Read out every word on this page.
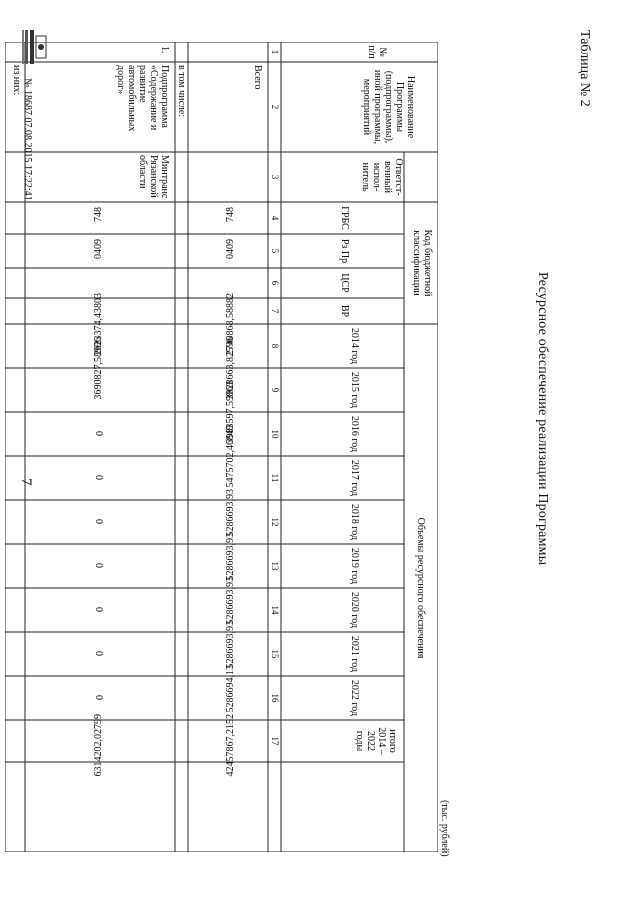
Таблица № 2
Ресурсное обеспечение реализации Программы
7
(тыс. рублей)
№ п/п
Наименование Программы (подпрограммы), иной программы, мероприятий
Ответст-венный испол-нитель
Код бюджетной классификации
ГРБС
Рз Пр
ЦСР
ВР
Объемы ресурсного обеспечения
2014 год
2015 год
2016 год
2017 год
2018 год
2019 год
2020 год
2021 год
2022 год
итого 2014 – 2022 годы
1
2
3
4
5
6
7
8
9
10
11
12
13
14
15
16
17
Всего
748
0409
2740868,58882
3828663,82596
3983597,59963
5475702,46849
5286693,93
5286693,93
5286693,93
5286693,93
5286694,13
42457867,2152
в том числе:
1.
Подпрограмма «Содержание и развитие автомобильных дорог»
Минтранс Рязанской области
748
0409
2623374,43803
3690827,58996
0
0
0
0
0
0
0
6314202,02799
из них: № 18687 07.08.2015 17:22:41
